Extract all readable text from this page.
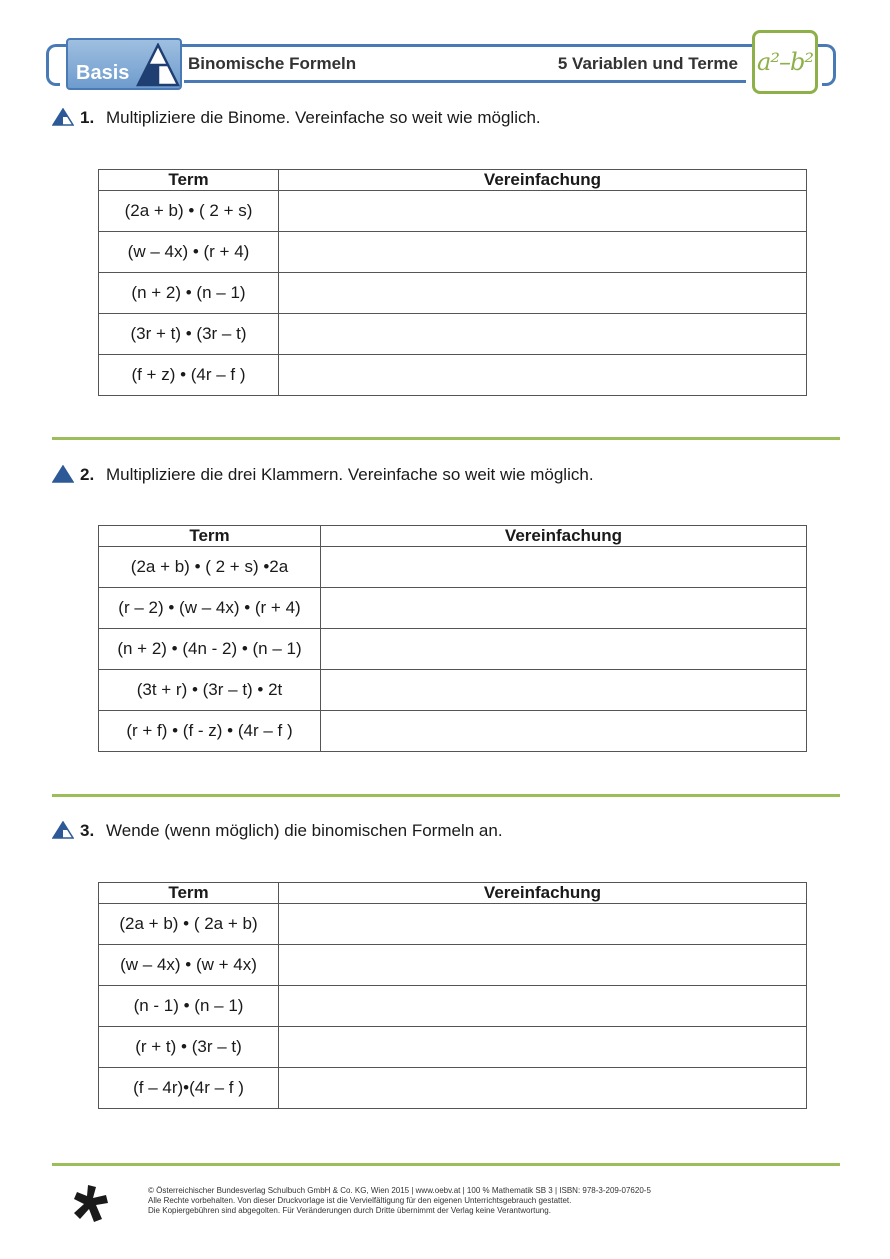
Basis	Binomische Formeln	5 Variablen und Terme a²–b²
1. Multipliziere die Binome. Vereinfache so weit wie möglich.
Term	Vereinfachung
(2a + b) • ( 2 + s)	
(w – 4x) • (r + 4)	
(n + 2) • (n – 1)	
(3r + t) • (3r – t)	
(f + z) • (4r – f )	
2. Multipliziere die drei Klammern. Vereinfache so weit wie möglich.
Term	Vereinfachung
(2a + b) • ( 2 + s) •2a	
(r – 2) • (w – 4x) • (r + 4)	
(n + 2) • (4n - 2) • (n – 1)	
(3t + r) • (3r – t) • 2t	
(r + f) • (f - z) • (4r – f )	
3. Wende (wenn möglich) die binomischen Formeln an.
Term	Vereinfachung
(2a + b) • ( 2a + b)	
(w – 4x) • (w + 4x)	
(n - 1) • (n – 1)	
(r + t) • (3r – t)	
(f – 4r)•(4r – f )	
© Österreichischer Bundesverlag Schulbuch GmbH & Co. KG, Wien 2015 | www.oebv.at | 100 % Mathematik SB 3 | ISBN: 978-3-209-07620-5
Alle Rechte vorbehalten. Von dieser Druckvorlage ist die Vervielfältigung für den eigenen Unterrichtsgebrauch gestattet.
Die Kopiergebühren sind abgegolten. Für Veränderungen durch Dritte übernimmt der Verlag keine Verantwortung.
